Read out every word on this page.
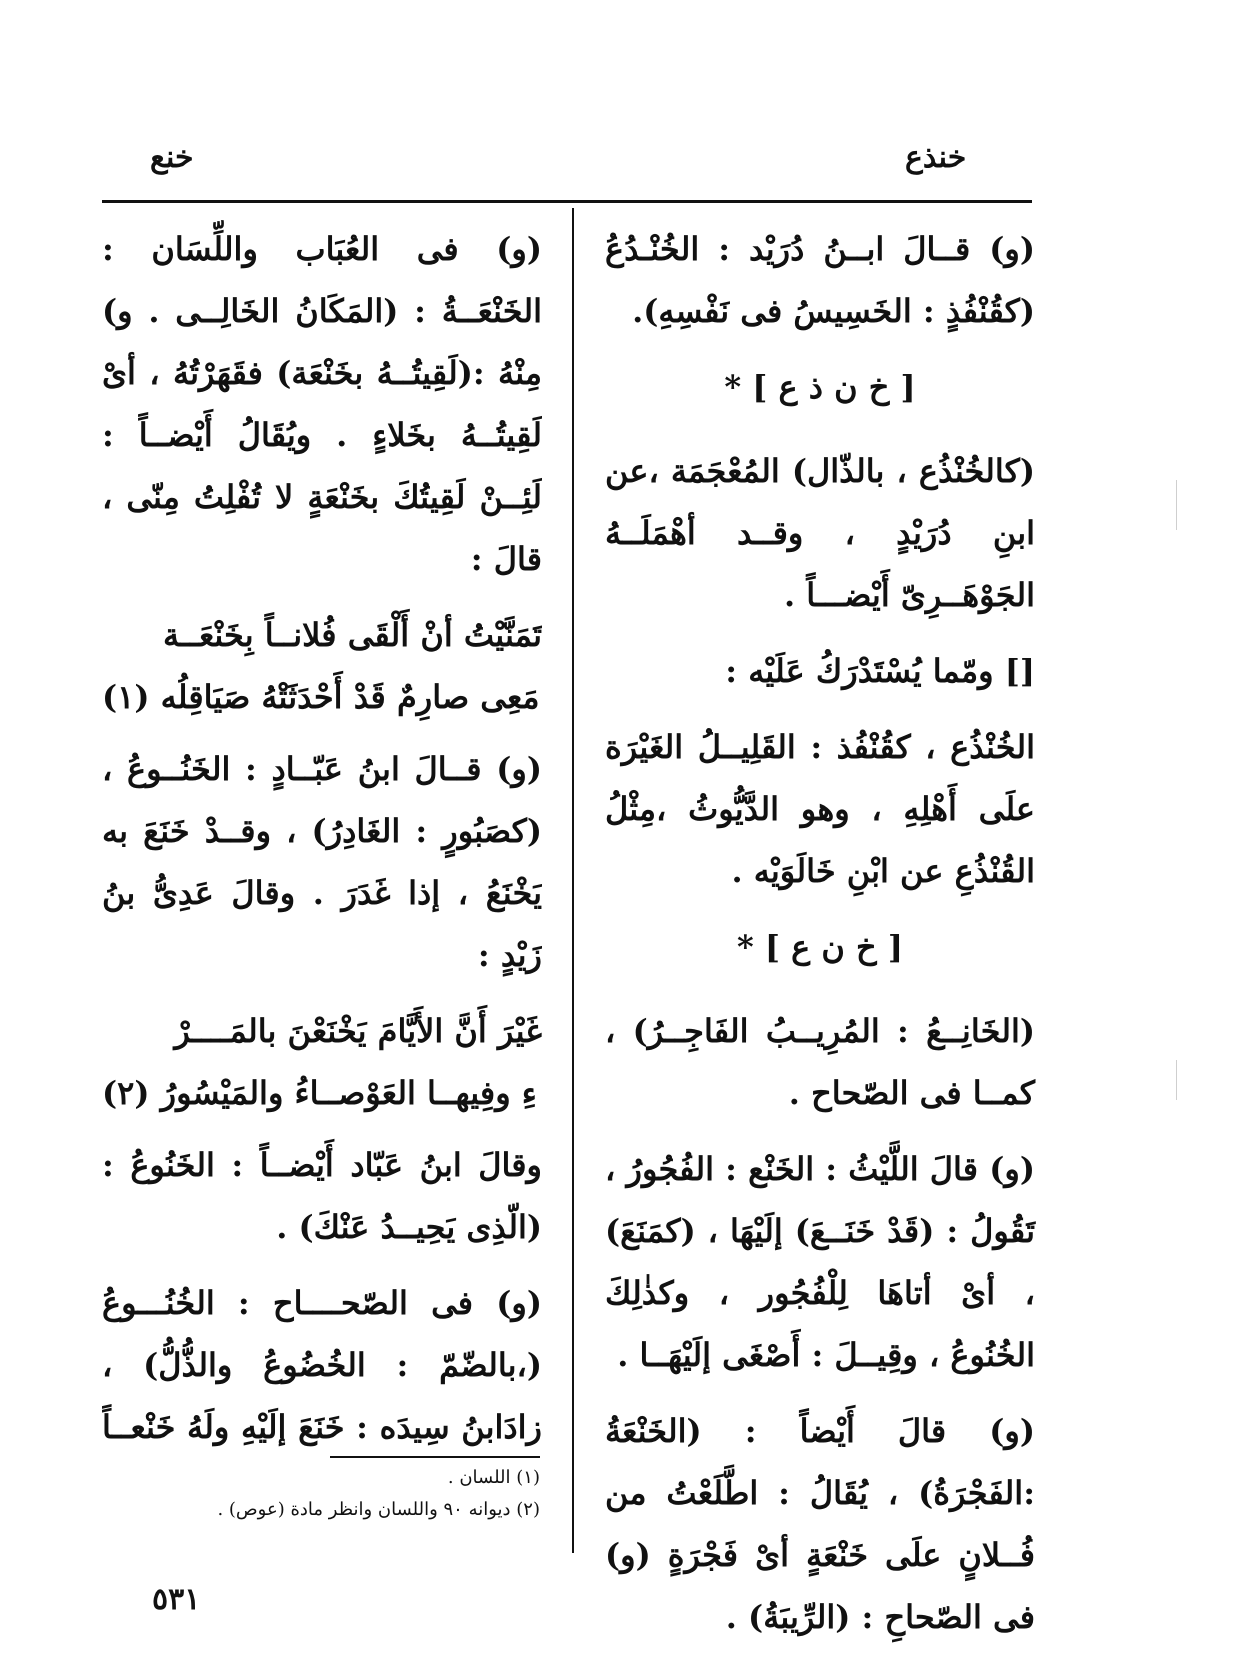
خنذع
خنع

(و) قــالَ ابــنُ دُرَيْد : الخُنْـدُعُ (كقُنْفُذٍ : الخَسِيسُ فى نَفْسِهِ).

[ خ ن ذ ع ] *

(كالخُنْذُع ، بالذّال) المُعْجَمَة ،عن ابنِ دُرَيْدٍ ، وقــد أهْمَلَــهُ الجَوْهَــرِىّ أَيْضـــاً .

[] ومّما يُسْتَدْرَكُ عَلَيْه :

الخُنْذُع ، كقُنْفُذ : القَلِيــلُ الغَيْرَة علَى أَهْلِهِ ، وهو الدَّيُّوثُ ،مِثْلُ القُنْذُعِ عن ابْنِ خَالَوَيْه .

[ خ ن ع ] *

(الخَانِــعُ : المُرِيــبُ الفَاجِــرُ) ، كمــا فى الصّحاح .

(و) قالَ اللَّيْثُ : الخَنْع : الفُجُورُ ، تَقُولُ : (قَدْ خَنَــعَ) إلَيْهَا ، (كمَنَعَ) ، أىْ أتاهَا لِلْفُجُور ، وكذٰلِكَ الخُنُوعُ ، وقِيــلَ : أَصْغَى إلَيْهَــا .

(و) قالَ أَيْضاً : (الخَنْعَةُ :الفَجْرَةُ) ، يُقَالُ : اطَّلَعْتُ من فُــلانٍ علَى خَنْعَةٍ أىْ فَجْرَةٍ (و) فى الصّحاحِ : (الرِّيبَةُ) .

(و) فى العُبَاب واللِّسَان : الخَنْعَــةُ : (المَكَانُ الخَالِــى . و) مِنْهُ :(لَقِيتُــهُ بخَنْعَة) فقَهَرْتُهُ ، أىْ لَقِيتُــهُ بخَلاءٍ . ويُقَالُ أَيْضــاً : لَئِــنْ لَقِيتُكَ بخَنْعَةٍ لا تُفْلِتُ مِنّى ، قالَ :

تَمَنَّيْتُ أنْ أَلْقَى فُلانــاً بِخَنْعَــة
مَعِى صارِمٌ قَدْ أَحْدَثَتْهُ صَيَاقِلُه (١)

(و) قــالَ ابنُ عَبّــادٍ : الخَنُــوعُ ، (كصَبُورٍ : الغَادِرُ) ، وقــدْ خَنَعَ به يَخْنَعُ ، إذا غَدَرَ . وقالَ عَدِىُّ بنُ زَيْدٍ :

غَيْرَ أَنَّ الأَيَّامَ يَخْنَعْنَ بالمَــــرْ
ءِ وفِيهــا العَوْصــاءُ والمَيْسُورُ (٢)

وقالَ ابنُ عَبّاد أَيْضــاً : الخَنُوعُ : (الّذِى يَحِيــدُ عَنْكَ) .

(و) فى الصّحــــاح : الخُنُـــوعُ (،بالضّمّ : الخُضُوعُ والذُّلُّ) ، زادَابنُ سِيدَه : خَنَعَ إلَيْهِ ولَهُ خَنْعــاً

(١) اللسان .
(٢) ديوانه ٩٠ واللسان وانظر مادة (عوص) .
٥٣١
